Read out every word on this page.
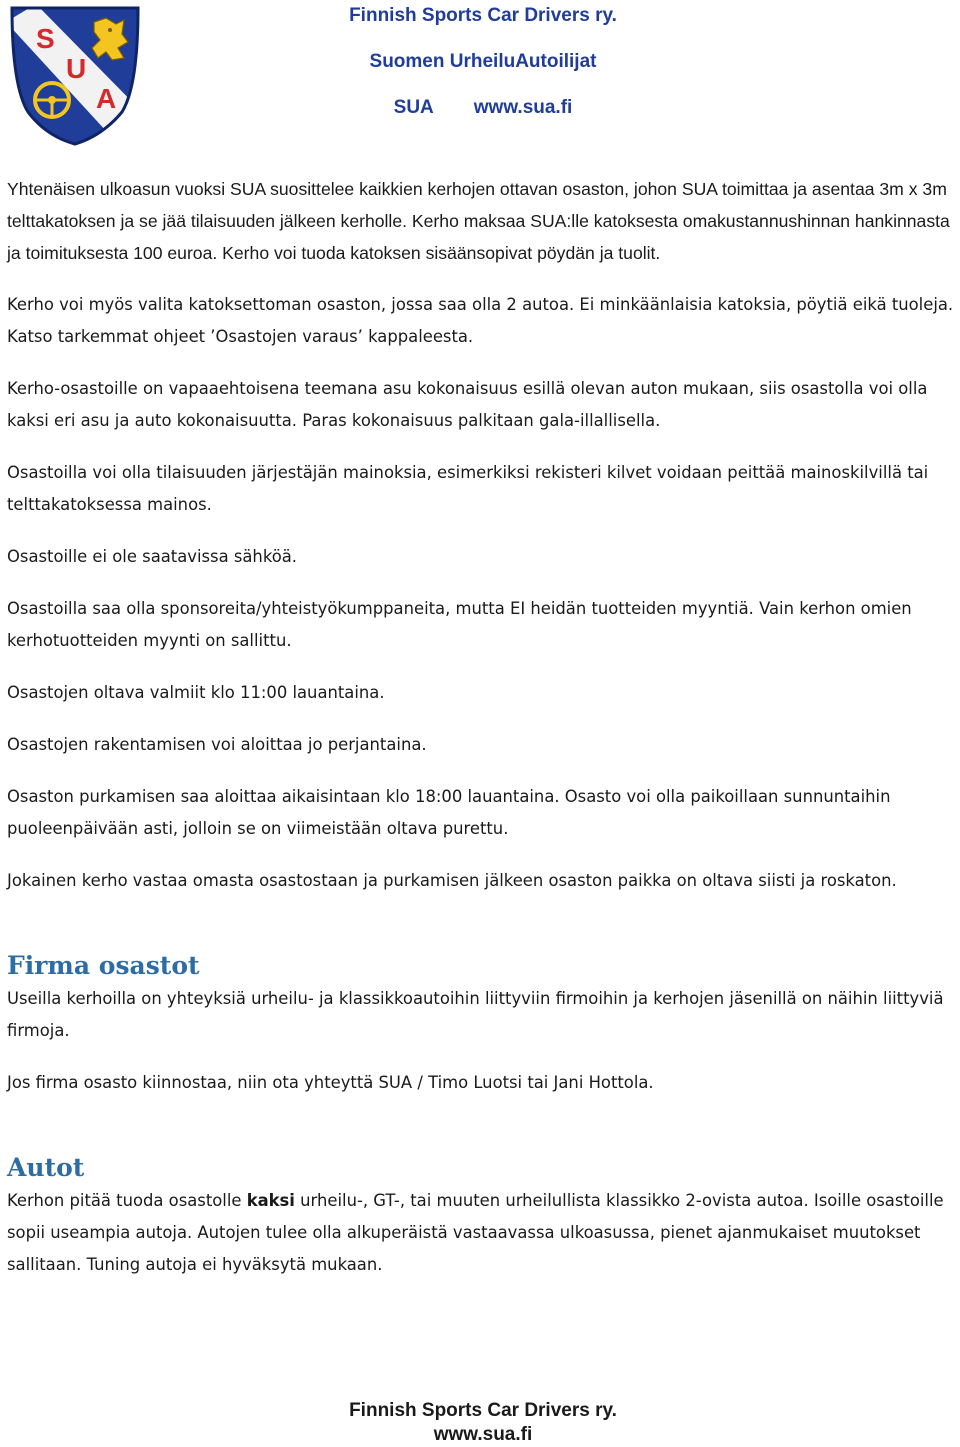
S
U
A
Finnish Sports Car Drivers ry.
Suomen UrheiluAutoilijat
SUA www.sua.fi

Yhtenäisen ulkoasun vuoksi SUA suosittelee kaikkien kerhojen ottavan osaston, johon SUA toimittaa ja asentaa 3m x 3m telttakatoksen ja se jää tilaisuuden jälkeen kerholle. Kerho maksaa SUA:lle katoksesta omakustannushinnan hankinnasta ja toimituksesta 100 euroa. Kerho voi tuoda katoksen sisäänsopivat pöydän ja tuolit.

Kerho voi myös valita katoksettoman osaston, jossa saa olla 2 autoa. Ei minkäänlaisia katoksia, pöytiä eikä tuoleja. Katso tarkemmat ohjeet ’Osastojen varaus’ kappaleesta.

Kerho-osastoille on vapaaehtoisena teemana asu kokonaisuus esillä olevan auton mukaan, siis osastolla voi olla kaksi eri asu ja auto kokonaisuutta. Paras kokonaisuus palkitaan gala-illallisella.

Osastoilla voi olla tilaisuuden järjestäjän mainoksia, esimerkiksi rekisteri kilvet voidaan peittää mainoskilvillä tai telttakatoksessa mainos.

Osastoille ei ole saatavissa sähköä.

Osastoilla saa olla sponsoreita/yhteistyökumppaneita, mutta EI heidän tuotteiden myyntiä. Vain kerhon omien kerhotuotteiden myynti on sallittu.

Osastojen oltava valmiit klo 11:00 lauantaina.

Osastojen rakentamisen voi aloittaa jo perjantaina.

Osaston purkamisen saa aloittaa aikaisintaan klo 18:00 lauantaina. Osasto voi olla paikoillaan sunnuntaihin puoleenpäivään asti, jolloin se on viimeistään oltava purettu.

Jokainen kerho vastaa omasta osastostaan ja purkamisen jälkeen osaston paikka on oltava siisti ja roskaton.

Firma osastot

Useilla kerhoilla on yhteyksiä urheilu- ja klassikkoautoihin liittyviin firmoihin ja kerhojen jäsenillä on näihin liittyviä firmoja.

Jos firma osasto kiinnostaa, niin ota yhteyttä SUA / Timo Luotsi tai Jani Hottola.

Autot

Kerhon pitää tuoda osastolle kaksi urheilu-, GT-, tai muuten urheilullista klassikko 2-ovista autoa. Isoille osastoille sopii useampia autoja. Autojen tulee olla alkuperäistä vastaavassa ulkoasussa, pienet ajanmukaiset muutokset sallitaan. Tuning autoja ei hyväksytä mukaan.

Finnish Sports Car Drivers ry.
www.sua.fi
